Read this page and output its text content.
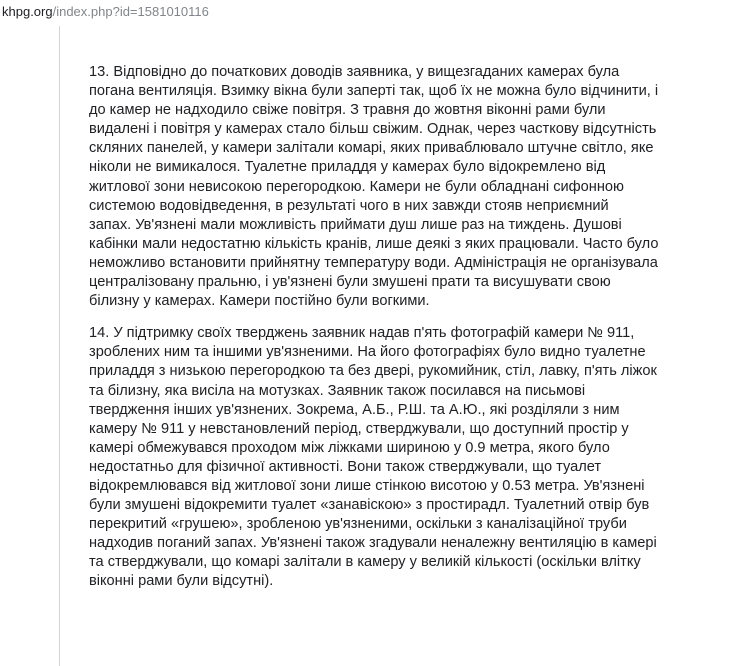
khpg.org/index.php?id=1581010116

13. Відповідно до початкових доводів заявника, у вищезгаданих камерах була
погана вентиляція. Взимку вікна були заперті так, щоб їх не можна було відчинити, і
до камер не надходило свіже повітря. З травня до жовтня віконні рами були
видалені і повітря у камерах стало більш свіжим. Однак, через часткову відсутність
скляних панелей, у камери залітали комарі, яких приваблювало штучне світло, яке
ніколи не вимикалося. Туалетне приладдя у камерах було відокремлено від
житлової зони невисокою перегородкою. Камери не були обладнані сифонною
системою водовідведення, в результаті чого в них завжди стояв неприємний
запах. Ув'язнені мали можливість приймати душ лише раз на тиждень. Душові
кабінки мали недостатню кількість кранів, лише деякі з яких працювали. Часто було
неможливо встановити прийнятну температуру води. Адміністрація не організувала
централізовану пральню, і ув'язнені були змушені прати та висушувати свою
білизну у камерах. Камери постійно були вогкими.

14. У підтримку своїх тверджень заявник надав п'ять фотографій камери № 911,
зроблених ним та іншими ув'язненими. На його фотографіях було видно туалетне
приладдя з низькою перегородкою та без двері, рукомийник, стіл, лавку, п'ять ліжок
та білизну, яка висіла на мотузках. Заявник також посилався на письмові
твердження інших ув'язнених. Зокрема, А.Б., Р.Ш. та А.Ю., які розділяли з ним
камеру № 911 у невстановлений період, стверджували, що доступний простір у
камері обмежувався проходом між ліжками шириною у 0.9 метра, якого було
недостатньо для фізичної активності. Вони також стверджували, що туалет
відокремлювався від житлової зони лише стінкою висотою у 0.53 метра. Ув'язнені
були змушені відокремити туалет «занавіскою» з простирадл. Туалетний отвір був
перекритий «грушею», зробленою ув'язненими, оскільки з каналізаційної труби
надходив поганий запах. Ув'язнені також згадували неналежну вентиляцію в камері
та стверджували, що комарі залітали в камеру у великій кількості (оскільки влітку
віконні рами були відсутні).
